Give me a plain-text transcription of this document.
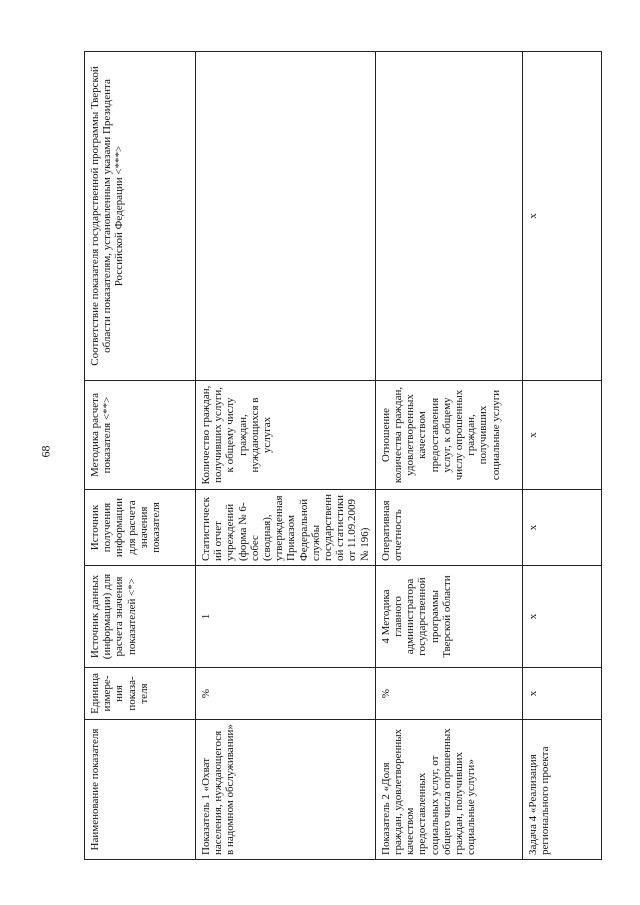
68
Наименование показателя	Единица измере-ния показа-теля	Источник данных (информации) для расчета значения показателей <*>	Источник получения информации для расчета значения показателя	Методика расчета показателя <**>	Соответствие показателя государственной программы Тверской области показателям, установленным указами Президента Российской Федерации <***>
Показатель 1 «Охват населения, нуждающегося в надомном обслуживании»	%	1	Статистический отчет учреждений (форма № 6-собес (сводная), утвержденная Приказом Федеральной службы государственной статистики от 11.09.2009 № 196)	Количество граждан, получивших услуги, к общему числу граждан, нуждающихся в услугах	
Показатель 2 «Доля граждан, удовлетворенных качеством предоставленных социальных услуг, от общего числа опрошенных граждан, получивших социальные услуги»	%	4 Методика главного администратора государственной программы Тверской области	Оперативная отчетность	Отношение количества граждан, удовлетворенных качеством предоставления услуг, к общему числу опрошенных граждан, получивших социальные услуги	
Задача 4 «Реализация регионального проекта	х	х	х	х	х
